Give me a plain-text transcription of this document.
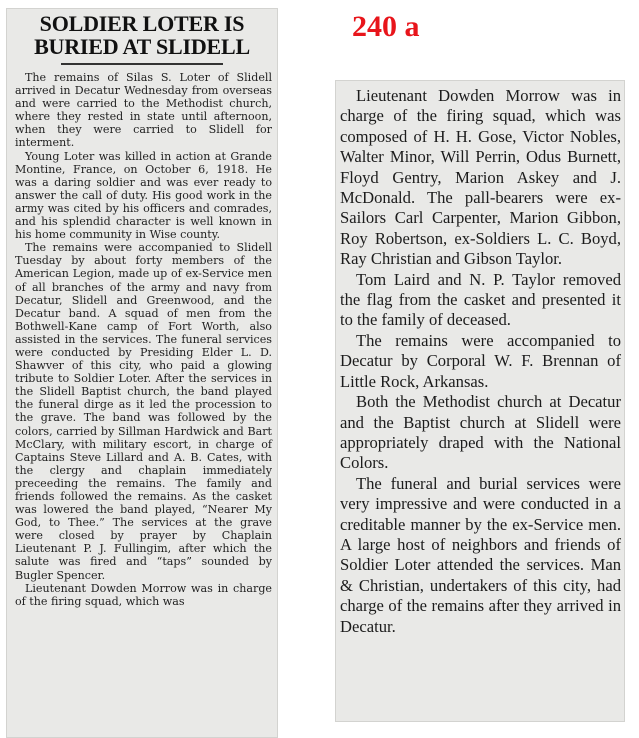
240 a
SOLDIER LOTER IS BURIED AT SLIDELL

The remains of Silas S. Loter of Slidell arrived in Decatur Wednesday from overseas and were carried to the Methodist church, where they rested in state until afternoon, when they were carried to Slidell for interment.

Young Loter was killed in action at Grande Montine, France, on October 6, 1918. He was a daring soldier and was ever ready to answer the call of duty. His good work in the army was cited by his officers and comrades, and his splendid character is well known in his home community in Wise county.

The remains were accompanied to Slidell Tuesday by about forty members of the American Legion, made up of ex-Service men of all branches of the army and navy from Decatur, Slidell and Greenwood, and the Decatur band. A squad of men from the Bothwell-Kane camp of Fort Worth, also assisted in the services. The funeral services were conducted by Presiding Elder L. D. Shawver of this city, who paid a glowing tribute to Soldier Loter. After the services in the Slidell Baptist church, the band played the funeral dirge as it led the procession to the grave. The band was followed by the colors, carried by Sillman Hardwick and Bart McClary, with military escort, in charge of Captains Steve Lillard and A. B. Cates, with the clergy and chaplain immediately preceeding the remains. The family and friends followed the remains. As the casket was lowered the band played, “Nearer My God, to Thee.” The services at the grave were closed by prayer by Chaplain Lieutenant P. J. Fullingim, after which the salute was fired and “taps” sounded by Bugler Spencer.

Lieutenant Dowden Morrow was in charge of the firing squad, which was

Lieutenant Dowden Morrow was in charge of the firing squad, which was composed of H. H. Gose, Victor Nobles, Walter Minor, Will Perrin, Odus Burnett, Floyd Gentry, Marion Askey and J. McDonald. The pall-bearers were ex-Sailors Carl Carpenter, Marion Gibbon, Roy Robertson, ex-Soldiers L. C. Boyd, Ray Christian and Gibson Taylor.

Tom Laird and N. P. Taylor removed the flag from the casket and presented it to the family of deceased.

The remains were accompanied to Decatur by Corporal W. F. Brennan of Little Rock, Arkansas.

Both the Methodist church at Decatur and the Baptist church at Slidell were appropriately draped with the National Colors.

The funeral and burial services were very impressive and were conducted in a creditable manner by the ex-Service men. A large host of neighbors and friends of Soldier Loter attended the services. Man & Christian, undertakers of this city, had charge of the remains after they arrived in Decatur.
